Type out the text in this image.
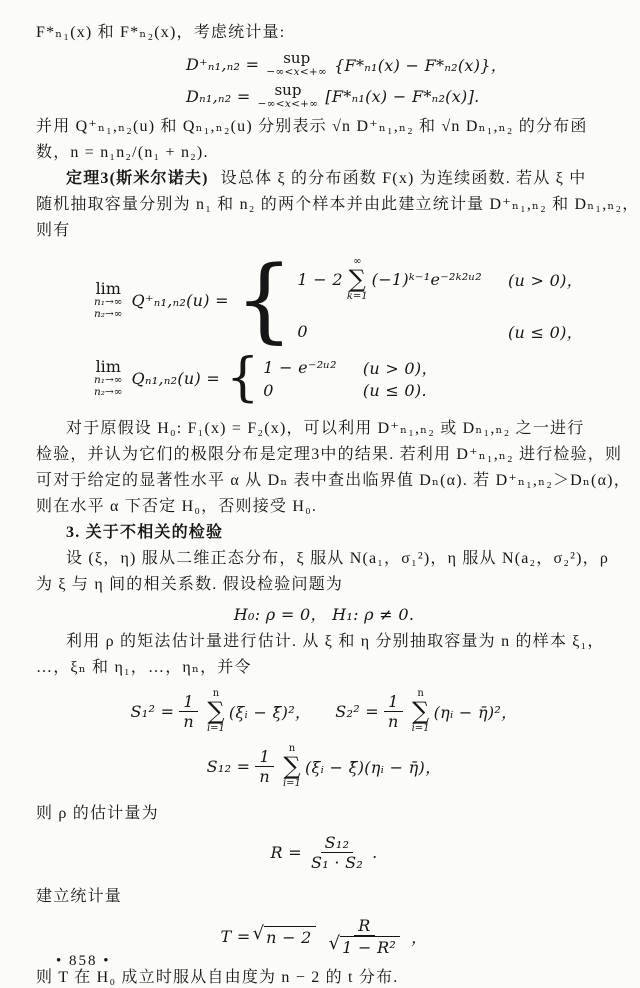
F*ₙ₁(x) 和 F*ₙ₂(x)，考虑统计量:

D⁺ₙ₁,ₙ₂ = sup
−∞<x<+∞ {F*ₙ₁(x) − F*ₙ₂(x)}，
Dₙ₁,ₙ₂ = sup
−∞<x<+∞ [F*ₙ₁(x) − F*ₙ₂(x)].

并用 Q⁺ₙ₁,ₙ₂(u) 和 Qₙ₁,ₙ₂(u) 分别表示 √n D⁺ₙ₁,ₙ₂ 和 √n Dₙ₁,ₙ₂ 的分布函

数，n = n₁n₂/(n₁ + n₂).

定理3(斯米尔诺夫) 设总体 ξ 的分布函数 F(x) 为连续函数. 若从 ξ 中

随机抽取容量分别为 n₁ 和 n₂ 的两个样本并由此建立统计量 D⁺ₙ₁,ₙ₂ 和 Dₙ₁,ₙ₂，

则有

lim
n₁→∞
n₂→∞
Q⁺ₙ₁,ₙ₂(u) = { 1 − 2
∞
∑
k=1
(−1)ᵏ⁻¹e⁻²ᵏ²ᵘ² (u > 0)，
0	(u ≤ 0)，
lim
n₁→∞
n₂→∞
Qₙ₁,ₙ₂(u) = { 1 − e⁻²ᵘ² (u > 0)，
0	(u ≤ 0).

对于原假设 H₀: F₁(x) = F₂(x)，可以利用 D⁺ₙ₁,ₙ₂ 或 Dₙ₁,ₙ₂ 之一进行

检验，并认为它们的极限分布是定理3中的结果. 若利用 D⁺ₙ₁,ₙ₂ 进行检验，则

可对于给定的显著性水平 α 从 Dₙ 表中查出临界值 Dₙ(α). 若 D⁺ₙ₁,ₙ₂＞Dₙ(α)，

则在水平 α 下否定 H₀，否则接受 H₀.

3. 关于不相关的检验

设 (ξ，η) 服从二维正态分布，ξ 服从 N(a₁，σ₁²)，η 服从 N(a₂，σ₂²)，ρ

为 ξ 与 η 间的相关系数. 假设检验问题为

H₀: ρ = 0， H₁: ρ ≠ 0.

利用 ρ 的矩法估计量进行估计. 从 ξ 和 η 分别抽取容量为 n 的样本 ξ₁，

…，ξₙ 和 η₁，…，ηₙ，并令

$S_1^2 = \frac{1}{n}$ n
∑
i=1
(ξᵢ − ξ̄)²， $S_2^2 = \frac{1}{n}$ n
∑
i=1
(ηᵢ − η̄)²，
$S_{12} = \frac{1}{n}$ n
∑
i=1
(ξᵢ − ξ̄)(ηᵢ − η̄)，

则 ρ 的估计量为

$R = \frac{\text{S₁₂}}{\text{S₁ · S₂}}$ .

建立统计量

T = √ $n - 2 \frac{R}{\text{√ 1 − R²}}$ ，

则 T 在 H₀ 成立时服从自由度为 n − 2 的 t 分布.

• 858 •
